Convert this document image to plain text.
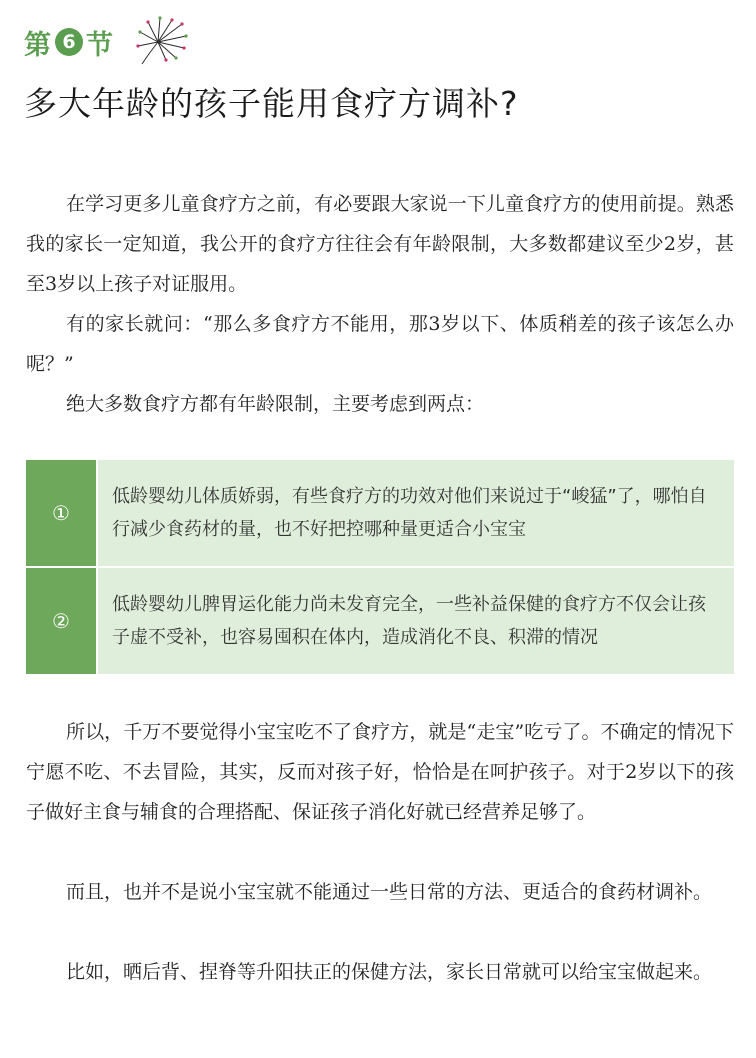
第 6 节
多大年龄的孩子能用食疗方调补?

在学习更多儿童食疗方之前，有必要跟大家说一下儿童食疗方的使用前提。熟悉我的家长一定知道，我公开的食疗方往往会有年龄限制，大多数都建议至少2岁，甚至3岁以上孩子对证服用。

有的家长就问：“那么多食疗方不能用，那3岁以下、体质稍差的孩子该怎么办呢？”

绝大多数食疗方都有年龄限制，主要考虑到两点：

①	低龄婴幼儿体质娇弱，有些食疗方的功效对他们来说过于“峻猛”了，哪怕自行减少食药材的量，也不好把控哪种量更适合小宝宝
②	低龄婴幼儿脾胃运化能力尚未发育完全，一些补益保健的食疗方不仅会让孩子虚不受补，也容易囤积在体内，造成消化不良、积滞的情况

所以，千万不要觉得小宝宝吃不了食疗方，就是“走宝”吃亏了。不确定的情况下宁愿不吃、不去冒险，其实，反而对孩子好，恰恰是在呵护孩子。对于2岁以下的孩子做好主食与辅食的合理搭配、保证孩子消化好就已经营养足够了。

而且，也并不是说小宝宝就不能通过一些日常的方法、更适合的食药材调补。

比如，晒后背、捏脊等升阳扶正的保健方法，家长日常就可以给宝宝做起来。
